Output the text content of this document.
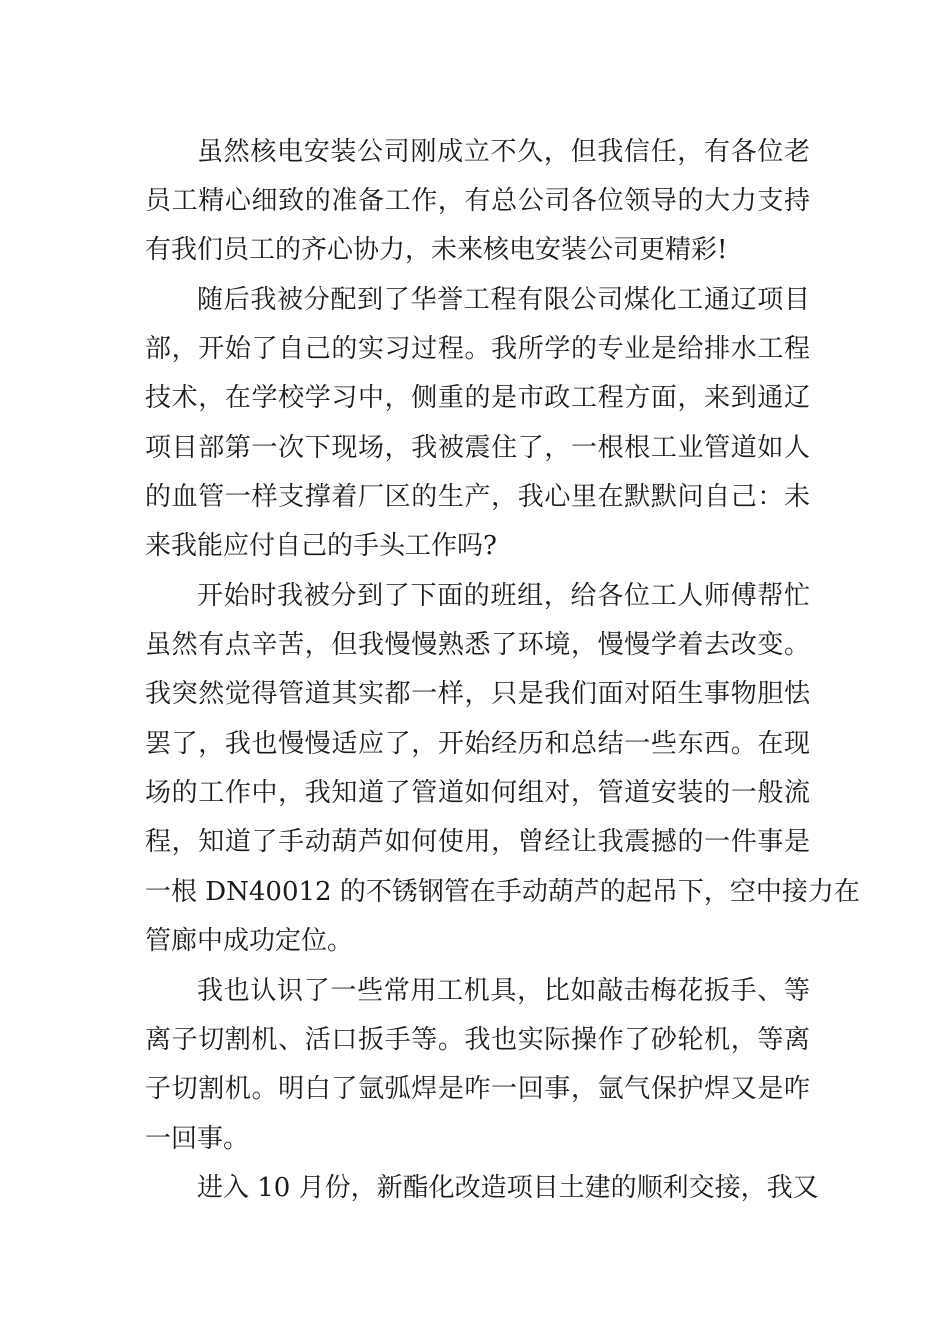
虽然核电安装公司刚成立不久，但我信任，有各位老
员工精心细致的准备工作，有总公司各位领导的大力支持
有我们员工的齐心协力，未来核电安装公司更精彩!
随后我被分配到了华誉工程有限公司煤化工通辽项目
部，开始了自己的实习过程。我所学的专业是给排水工程
技术，在学校学习中，侧重的是市政工程方面，来到通辽
项目部第一次下现场，我被震住了，一根根工业管道如人
的血管一样支撑着厂区的生产，我心里在默默问自己：未
来我能应付自己的手头工作吗?
开始时我被分到了下面的班组，给各位工人师傅帮忙
虽然有点辛苦，但我慢慢熟悉了环境，慢慢学着去改变。
我突然觉得管道其实都一样，只是我们面对陌生事物胆怯
罢了，我也慢慢适应了，开始经历和总结一些东西。在现
场的工作中，我知道了管道如何组对，管道安装的一般流
程，知道了手动葫芦如何使用，曾经让我震撼的一件事是
一根 DN40012 的不锈钢管在手动葫芦的起吊下，空中接力在
管廊中成功定位。
我也认识了一些常用工机具，比如敲击梅花扳手、等
离子切割机、活口扳手等。我也实际操作了砂轮机，等离
子切割机。明白了氩弧焊是咋一回事，氩气保护焊又是咋
一回事。
进入 10 月份，新酯化改造项目土建的顺利交接，我又
